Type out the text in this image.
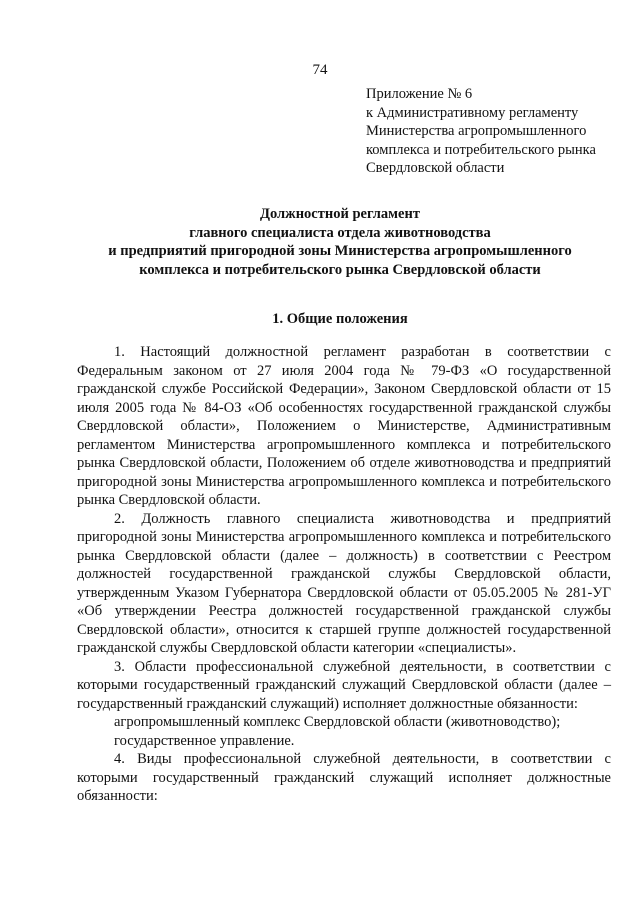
74
Приложение № 6
к Административному регламенту
Министерства агропромышленного
комплекса и потребительского рынка
Свердловской области
Должностной регламент
главного специалиста отдела животноводства
и предприятий пригородной зоны Министерства агропромышленного
комплекса и потребительского рынка Свердловской области
1. Общие положения

1. Настоящий должностной регламент разработан в соответствии с Федеральным законом от 27 июля 2004 года № 79-ФЗ «О государственной гражданской службе Российской Федерации», Законом Свердловской области от 15 июля 2005 года № 84-ОЗ «Об особенностях государственной гражданской службы Свердловской области», Положением о Министерстве, Административным регламентом Министерства агропромышленного комплекса и потребительского рынка Свердловской области, Положением об отделе животноводства и предприятий пригородной зоны Министерства агропромышленного комплекса и потребительского рынка Свердловской области.

2. Должность главного специалиста животноводства и предприятий пригородной зоны Министерства агропромышленного комплекса и потребительского рынка Свердловской области (далее – должность) в соответствии с Реестром должностей государственной гражданской службы Свердловской области, утвержденным Указом Губернатора Свердловской области от 05.05.2005 № 281-УГ «Об утверждении Реестра должностей государственной гражданской службы Свердловской области», относится к старшей группе должностей государственной гражданской службы Свердловской области категории «специалисты».

3. Области профессиональной служебной деятельности, в соответствии с которыми государственный гражданский служащий Свердловской области (далее – государственный гражданский служащий) исполняет должностные обязанности:

агропромышленный комплекс Свердловской области (животноводство);

государственное управление.

4. Виды профессиональной служебной деятельности, в соответствии с которыми государственный гражданский служащий исполняет должностные обязанности:
